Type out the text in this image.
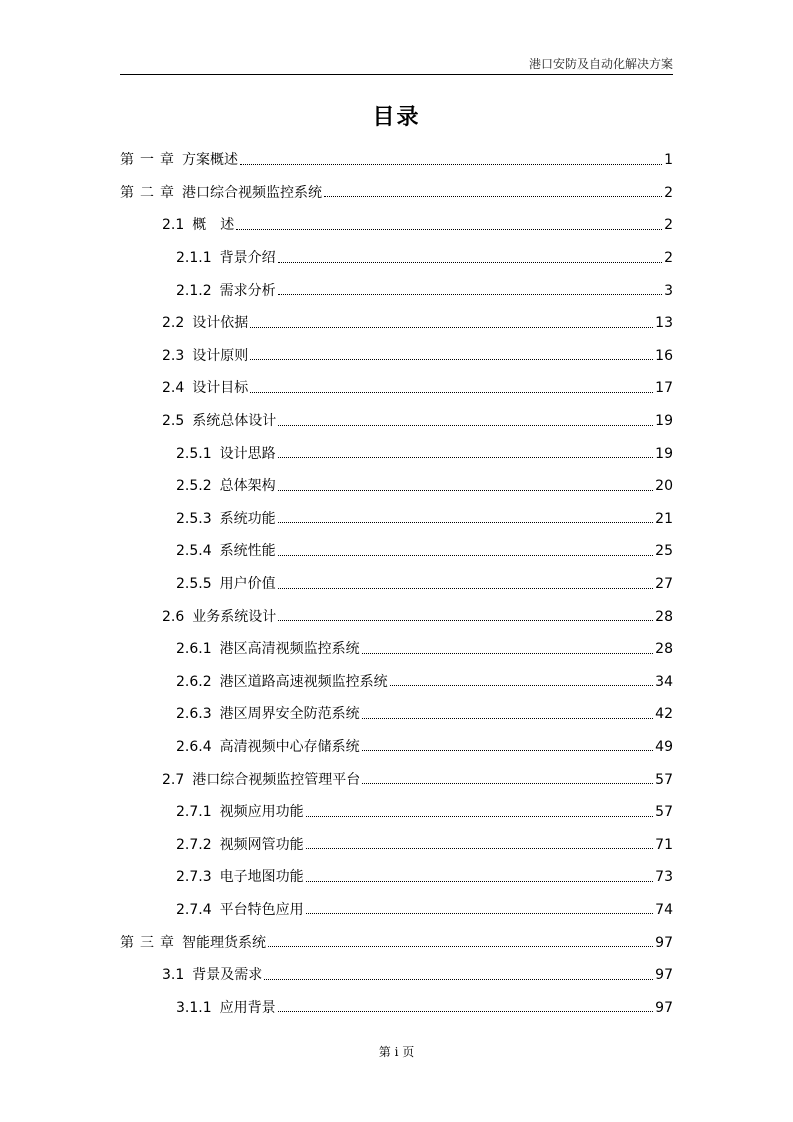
港口安防及自动化解决方案
目录
第一章 方案概述	1
第二章 港口综合视频监控系统	2
2.1 概　述	2
2.1.1 背景介绍	2
2.1.2 需求分析	3
2.2 设计依据	13
2.3 设计原则	16
2.4 设计目标	17
2.5 系统总体设计	19
2.5.1 设计思路	19
2.5.2 总体架构	20
2.5.3 系统功能	21
2.5.4 系统性能	25
2.5.5 用户价值	27
2.6 业务系统设计	28
2.6.1 港区高清视频监控系统	28
2.6.2 港区道路高速视频监控系统	34
2.6.3 港区周界安全防范系统	42
2.6.4 高清视频中心存储系统	49
2.7 港口综合视频监控管理平台	57
2.7.1 视频应用功能	57
2.7.2 视频网管功能	71
2.7.3 电子地图功能	73
2.7.4 平台特色应用	74
第三章 智能理货系统	97
3.1 背景及需求	97
3.1.1 应用背景	97
第 i 页
